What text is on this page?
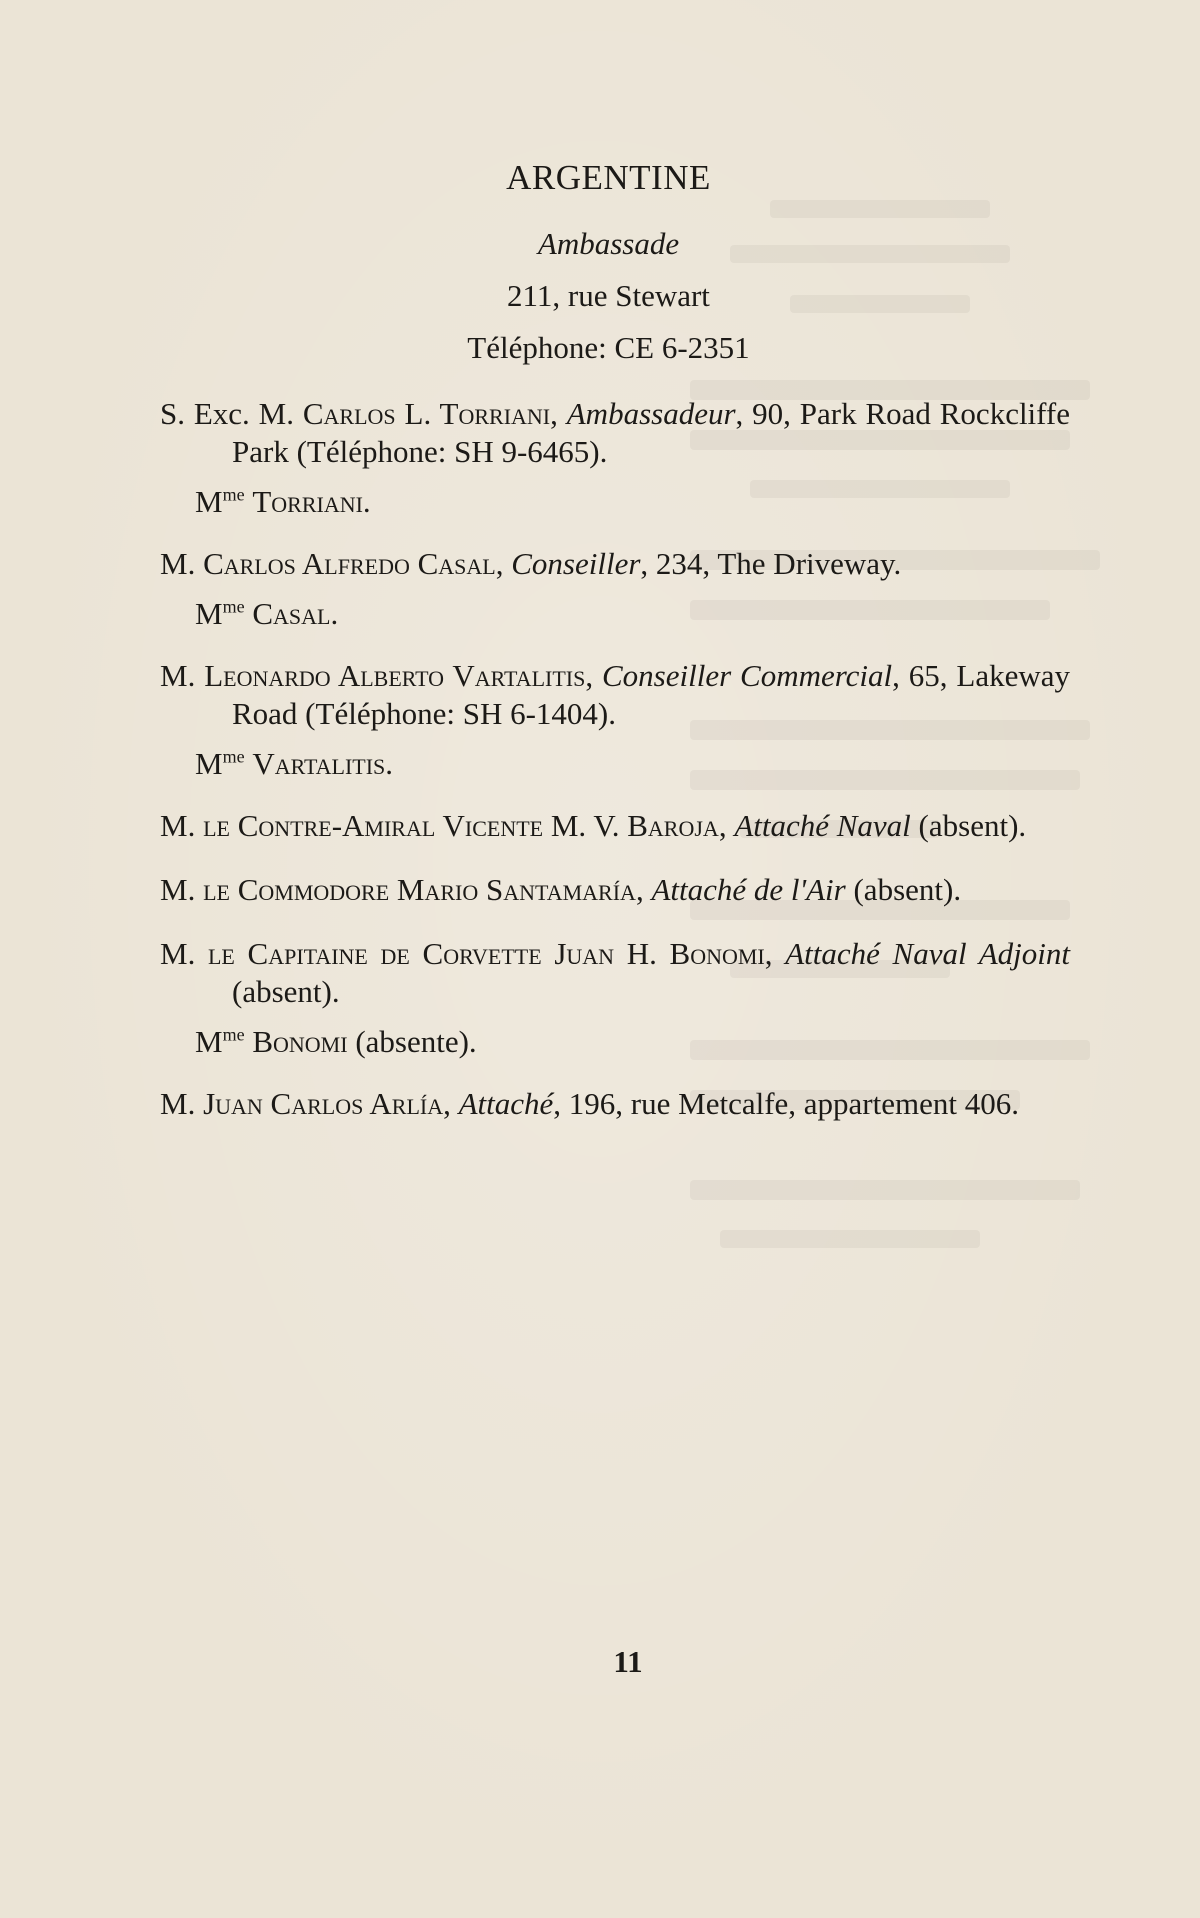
ARGENTINE
Ambassade
211, rue Stewart
Téléphone: CE 6-2351

S. Exc. M. Carlos L. Torriani, Ambassadeur, 90, Park Road Rockcliffe Park (Téléphone: SH 9-6465).

$M^{me}$ Torriani.

M. Carlos Alfredo Casal, Conseiller, 234, The Driveway.

$M^{me}$ Casal.

M. Leonardo Alberto Vartalitis, Conseiller Commercial, 65, Lakeway Road (Téléphone: SH 6-1404).

$M^{me}$ Vartalitis.

M. le Contre-Amiral Vicente M. V. Baroja, Attaché Naval (absent).

M. le Commodore Mario Santamaría, Attaché de l'Air (absent).

M. le Capitaine de Corvette Juan H. Bonomi, Attaché Naval Adjoint (absent).

$M^{me}$ Bonomi (absente).

M. Juan Carlos Arlía, Attaché, 196, rue Metcalfe, appartement 406.

11
